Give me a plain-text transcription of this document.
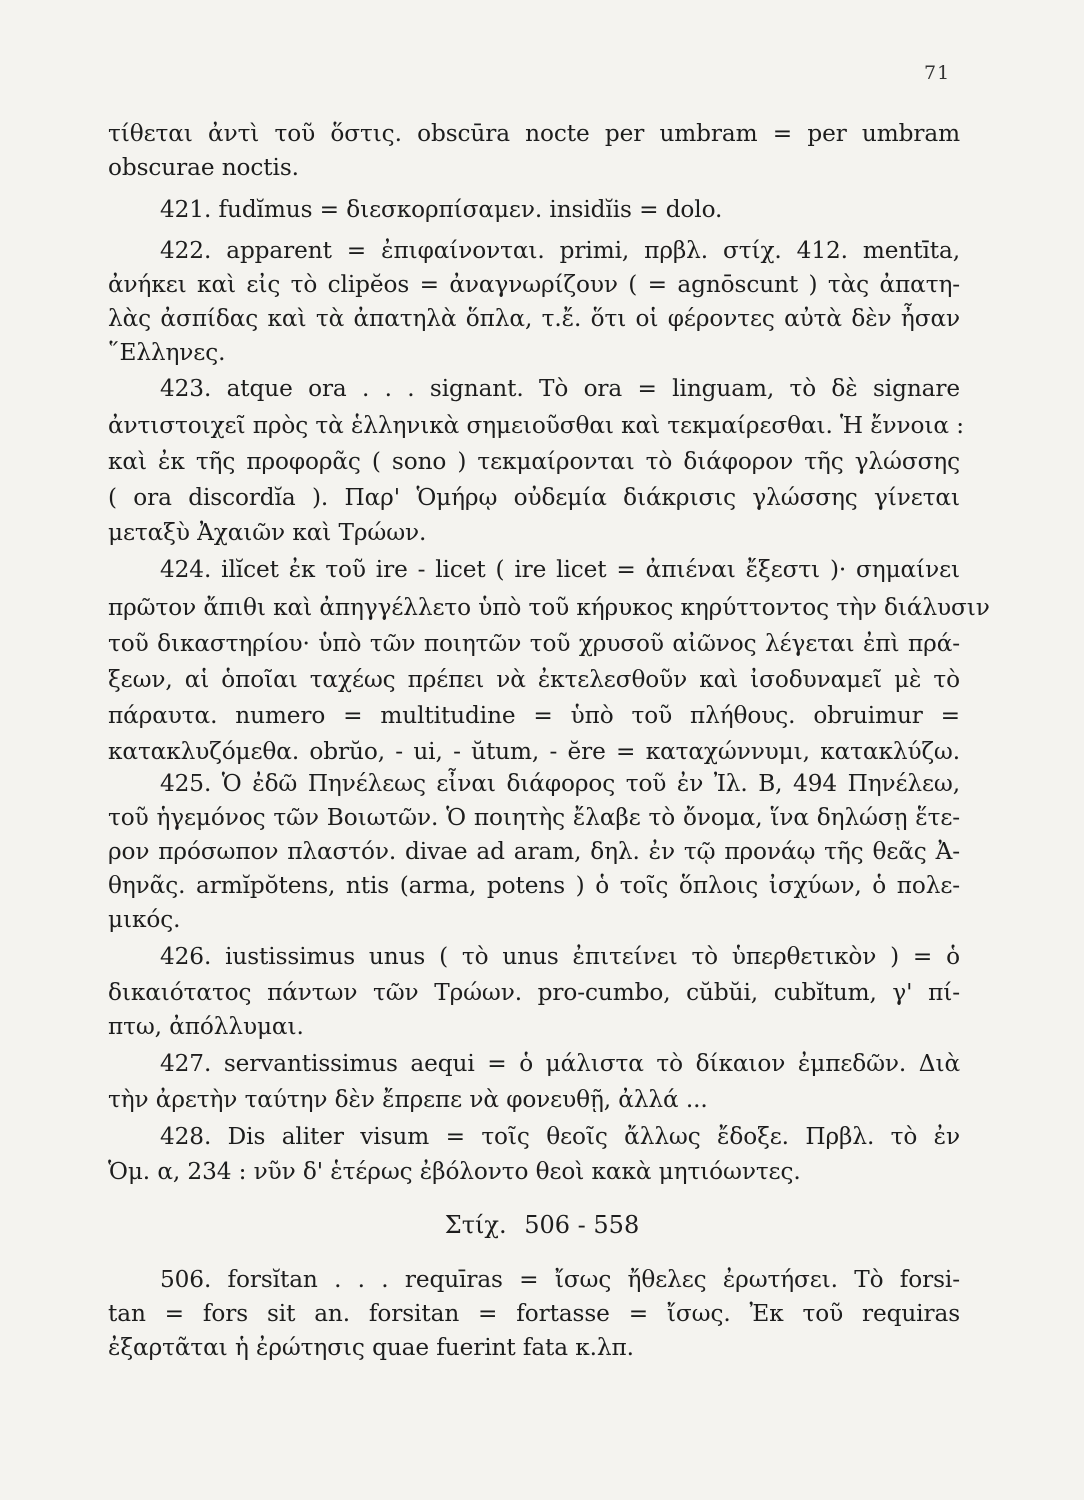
71
τίθεται ἀντὶ τοῦ ὅστις. obscūra nocte per umbram = per umbram
obscurae noctis.
421. fudĭmus = διεσκορπίσαμεν. insidĭis = dolo.
422. apparent = ἐπιφαίνονται. primi, πρβλ. στίχ. 412. mentīta,
ἀνήκει καὶ εἰς τὸ clipĕos = ἀναγνωρίζουν ( = agnōscunt ) τὰς ἀπατη-
λὰς ἀσπίδας καὶ τὰ ἀπατηλὰ ὅπλα, τ.ἔ. ὅτι οἱ φέροντες αὐτὰ δὲν ἦσαν
῞Ελληνες.
423. atque ora . . . signant. Τὸ ora = linguam, τὸ δὲ signare
ἀντιστοιχεῖ πρὸς τὰ ἑλληνικὰ σημειοῦσθαι καὶ τεκμαίρεσθαι. Ἡ ἔννοια :
καὶ ἐκ τῆς προφορᾶς ( sono ) τεκμαίρονται τὸ διάφορον τῆς γλώσσης
( ora discordĭa ). Παρ' Ὁμήρῳ οὐδεμία διάκρισις γλώσσης γίνεται
μεταξὺ Ἀχαιῶν καὶ Τρώων.
424. ilĭcet ἐκ τοῦ ire - licet ( ire licet = ἀπιέναι ἔξεστι )· σημαίνει
πρῶτον ἄπιθι καὶ ἀπηγγέλλετο ὑπὸ τοῦ κήρυκος κηρύττοντος τὴν διάλυσιν
τοῦ δικαστηρίου· ὑπὸ τῶν ποιητῶν τοῦ χρυσοῦ αἰῶνος λέγεται ἐπὶ πρά-
ξεων, αἱ ὁποῖαι ταχέως πρέπει νὰ ἐκτελεσθοῦν καὶ ἰσοδυναμεῖ μὲ τὸ
πάραυτα. numero = multitudine = ὑπὸ τοῦ πλήθους. obruimur =
κατακλυζόμεθα. obrŭo, - ui, - ŭtum, - ĕre = καταχώννυμι, κατακλύζω.
425. Ὁ ἐδῶ Πηνέλεως εἶναι διάφορος τοῦ ἐν Ἰλ. Β, 494 Πηνέλεω,
τοῦ ἡγεμόνος τῶν Βοιωτῶν. Ὁ ποιητὴς ἔλαβε τὸ ὄνομα, ἵνα δηλώσῃ ἕτε-
ρον πρόσωπον πλαστόν. divae ad aram, δηλ. ἐν τῷ προνάῳ τῆς θεᾶς Ἀ-
θηνᾶς. armĭpŏtens, ntis (arma, potens ) ὁ τοῖς ὅπλοις ἰσχύων, ὁ πολε-
μικός.
426. iustissimus unus ( τὸ unus ἐπιτείνει τὸ ὑπερθετικὸν ) = ὁ
δικαιότατος πάντων τῶν Τρώων. pro-cumbo, cŭbŭi, cubĭtum, γ' πί-
πτω, ἀπόλλυμαι.
427. servantissimus aequi = ὁ μάλιστα τὸ δίκαιον ἐμπεδῶν. Διὰ
τὴν ἀρετὴν ταύτην δὲν ἔπρεπε νὰ φονευθῇ, ἀλλά ...
428. Dis aliter visum = τοῖς θεοῖς ἄλλως ἔδοξε. Πρβλ. τὸ ἐν
Ὁμ. α, 234 : νῦν δ' ἑτέρως ἐβόλοντο θεοὶ κακὰ μητιόωντες.
Στίχ. 506 - 558
506. forsĭtan . . . requīras = ἴσως ἤθελες ἐρωτήσει. Τὸ forsi-
tan = fors sit an. forsitan = fortasse = ἴσως. Ἐκ τοῦ requiras
ἐξαρτᾶται ἡ ἐρώτησις quae fuerint fata κ.λπ.
